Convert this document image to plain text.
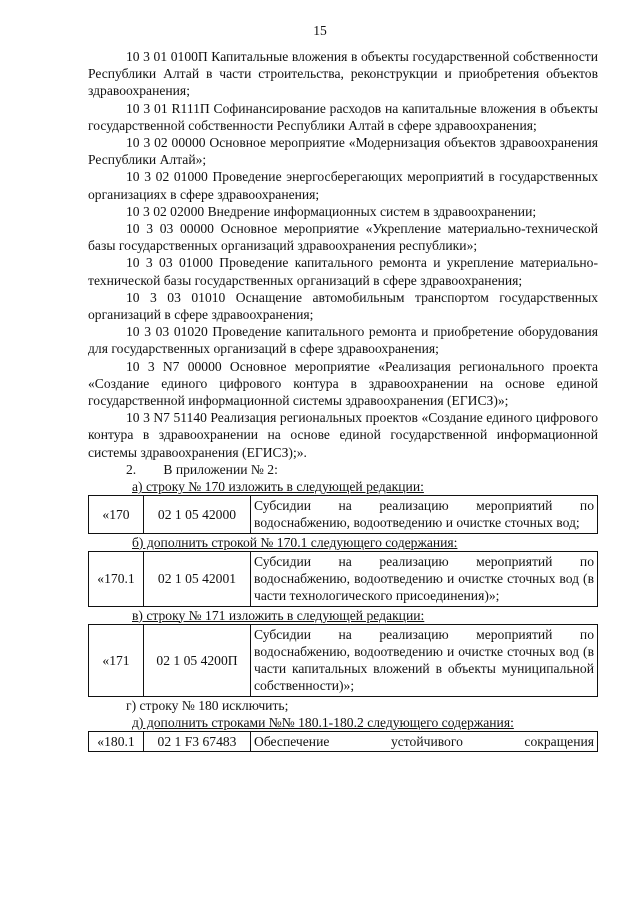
15

10 3 01 0100П Капитальные вложения в объекты государственной собственности Республики Алтай в части строительства, реконструкции и приобретения объектов здравоохранения;

10 3 01 R111П Софинансирование расходов на капитальные вложения в объекты государственной собственности Республики Алтай в сфере здравоохранения;

10 3 02 00000 Основное мероприятие «Модернизация объектов здравоохранения Республики Алтай»;

10 3 02 01000 Проведение энергосберегающих мероприятий в государственных организациях в сфере здравоохранения;

10 3 02 02000 Внедрение информационных систем в здравоохранении;

10 3 03 00000 Основное мероприятие «Укрепление материально-технической базы государственных организаций здравоохранения республики»;

10 3 03 01000 Проведение капитального ремонта и укрепление материально-технической базы государственных организаций в сфере здравоохранения;

10 3 03 01010 Оснащение автомобильным транспортом государственных организаций в сфере здравоохранения;

10 3 03 01020 Проведение капитального ремонта и приобретение оборудования для государственных организаций в сфере здравоохранения;

10 3 N7 00000 Основное мероприятие «Реализация регионального проекта «Создание единого цифрового контура в здравоохранении на основе единой государственной информационной системы здравоохранения (ЕГИСЗ)»;

10 3 N7 51140 Реализация региональных проектов «Создание единого цифрового контура в здравоохранении на основе единой государственной информационной системы здравоохранения (ЕГИСЗ);».

2.  В приложении № 2:

а) строку № 170 изложить в следующей редакции:

«170	02 1 05 42000	Субсидии на реализацию мероприятий по водоснабжению, водоотведению и очистке сточных вод;

б) дополнить строкой № 170.1 следующего содержания:

«170.1	02 1 05 42001	Субсидии на реализацию мероприятий по водоснабжению, водоотведению и очистке сточных вод (в части технологического присоединения)»;

в) строку № 171 изложить в следующей редакции:

«171	02 1 05 4200П	Субсидии на реализацию мероприятий по водоснабжению, водоотведению и очистке сточных вод (в части капитальных вложений в объекты муниципальной собственности)»;

г) строку № 180 исключить;

д) дополнить строками №№ 180.1-180.2 следующего содержания:

«180.1	02 1 F3 67483	Обеспечение устойчивого сокращения
